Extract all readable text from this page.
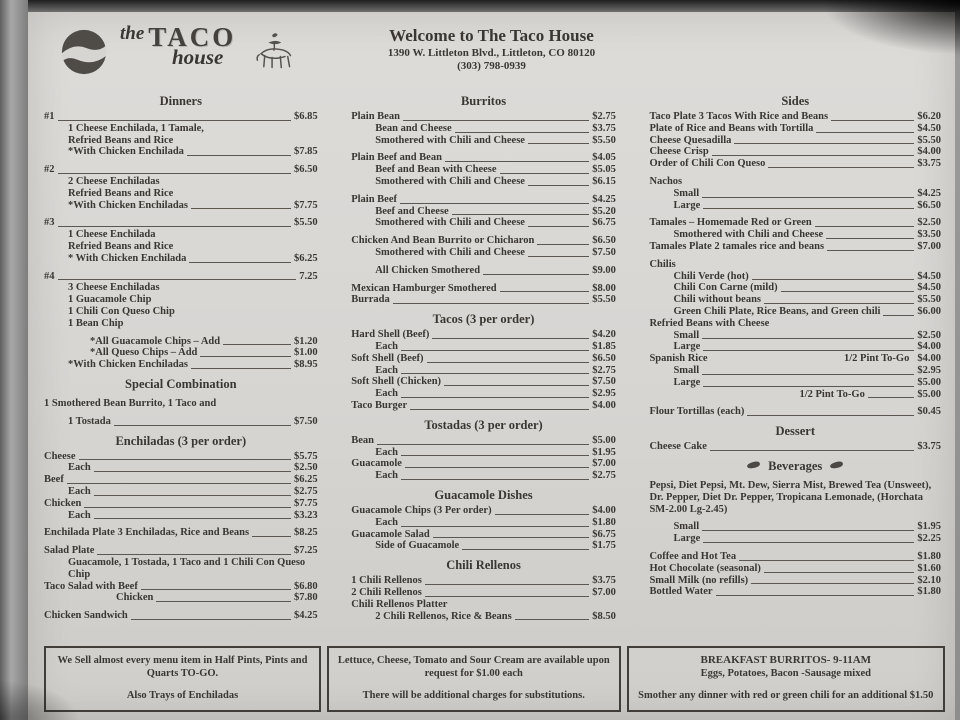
the TACO
house
Welcome to The Taco House
1390 W. Littleton Blvd., Littleton, CO 80120
(303) 798-0939
Dinners
#1	$6.85
1 Cheese Enchilada, 1 Tamale,
Refried Beans and Rice
*With Chicken Enchilada	$7.85
#2	$6.50
2 Cheese Enchiladas
Refried Beans and Rice
*With Chicken Enchiladas	$7.75
#3	$5.50
1 Cheese Enchilada
Refried Beans and Rice
* With Chicken Enchilada	$6.25
#4	7.25
3 Cheese Enchiladas
1 Guacamole Chip
1 Chili Con Queso Chip
1 Bean Chip
*All Guacamole Chips – Add	$1.20
*All Queso Chips – Add	$1.00
*With Chicken Enchiladas	$8.95
Special Combination
1 Smothered Bean Burrito, 1 Taco and
1 Tostada	$7.50
Enchiladas (3 per order)
Cheese	$5.75
Each	$2.50
Beef	$6.25
Each	$2.75
Chicken	$7.75
Each	$3.23
Enchilada Plate 3 Enchiladas, Rice and Beans	$8.25
Salad Plate	$7.25
Guacamole, 1 Tostada, 1 Taco and 1 Chili Con Queso Chip
Taco Salad with Beef	$6.80
Chicken	$7.80
Chicken Sandwich	$4.25
Burritos
Plain Bean	$2.75
Bean and Cheese	$3.75
Smothered with Chili and Cheese	$5.50
Plain Beef and Bean	$4.05
Beef and Bean with Cheese	$5.05
Smothered with Chili and Cheese	$6.15
Plain Beef	$4.25
Beef and Cheese	$5.20
Smothered with Chili and Cheese	$6.75
Chicken And Bean Burrito or Chicharon	$6.50
Smothered with Chili and Cheese	$7.50
All Chicken Smothered	$9.00
Mexican Hamburger Smothered	$8.00
Burrada	$5.50
Tacos (3 per order)
Hard Shell (Beef)	$4.20
Each	$1.85
Soft Shell (Beef)	$6.50
Each	$2.75
Soft Shell (Chicken)	$7.50
Each	$2.95
Taco Burger	$4.00
Tostadas (3 per order)
Bean	$5.00
Each	$1.95
Guacamole	$7.00
Each	$2.75
Guacamole Dishes
Guacamole Chips (3 Per order)	$4.00
Each	$1.80
Guacamole Salad	$6.75
Side of Guacamole	$1.75
Chili Rellenos
1 Chili Rellenos	$3.75
2 Chili Rellenos	$7.00
Chili Rellenos Platter
2 Chili Rellenos, Rice & Beans	$8.50
Sides
Taco Plate 3 Tacos With Rice and Beans	$6.20
Plate of Rice and Beans with Tortilla	$4.50
Cheese Quesadilla	$5.50
Cheese Crisp	$4.00
Order of Chili Con Queso	$3.75
Nachos
Small	$4.25
Large	$6.50
Tamales – Homemade Red or Green	$2.50
Smothered with Chili and Cheese	$3.50
Tamales Plate 2 tamales rice and beans	$7.00
Chilis
Chili Verde (hot)	$4.50
Chili Con Carne (mild)	$4.50
Chili without beans	$5.50
Green Chili Plate, Rice Beans, and Green chili	$6.00
Refried Beans with Cheese
Small	$2.50
Large	$4.00
Spanish Rice	1/2 Pint To-Go $4.00
Small	$2.95
Large	$5.00
1/2 Pint To-Go	$5.00
Flour Tortillas (each)	$0.45
Dessert
Cheese Cake	$3.75
Beverages
Pepsi, Diet Pepsi, Mt. Dew, Sierra Mist, Brewed Tea (Unsweet), Dr. Pepper, Diet Dr. Pepper, Tropicana Lemonade, (Horchata SM-2.00 Lg-2.45)
Small	$1.95
Large	$2.25
Coffee and Hot Tea	$1.80
Hot Chocolate (seasonal)	$1.60
Small Milk (no refills)	$2.10
Bottled Water	$1.80
We Sell almost every menu item in Half Pints, Pints and Quarts TO-GO.
Also Trays of Enchiladas
Lettuce, Cheese, Tomato and Sour Cream are available upon request for $1.00 each
There will be additional charges for substitutions.
BREAKFAST BURRITOS- 9-11AM
Eggs, Potatoes, Bacon -Sausage mixed
Smother any dinner with red or green chili for an additional $1.50
